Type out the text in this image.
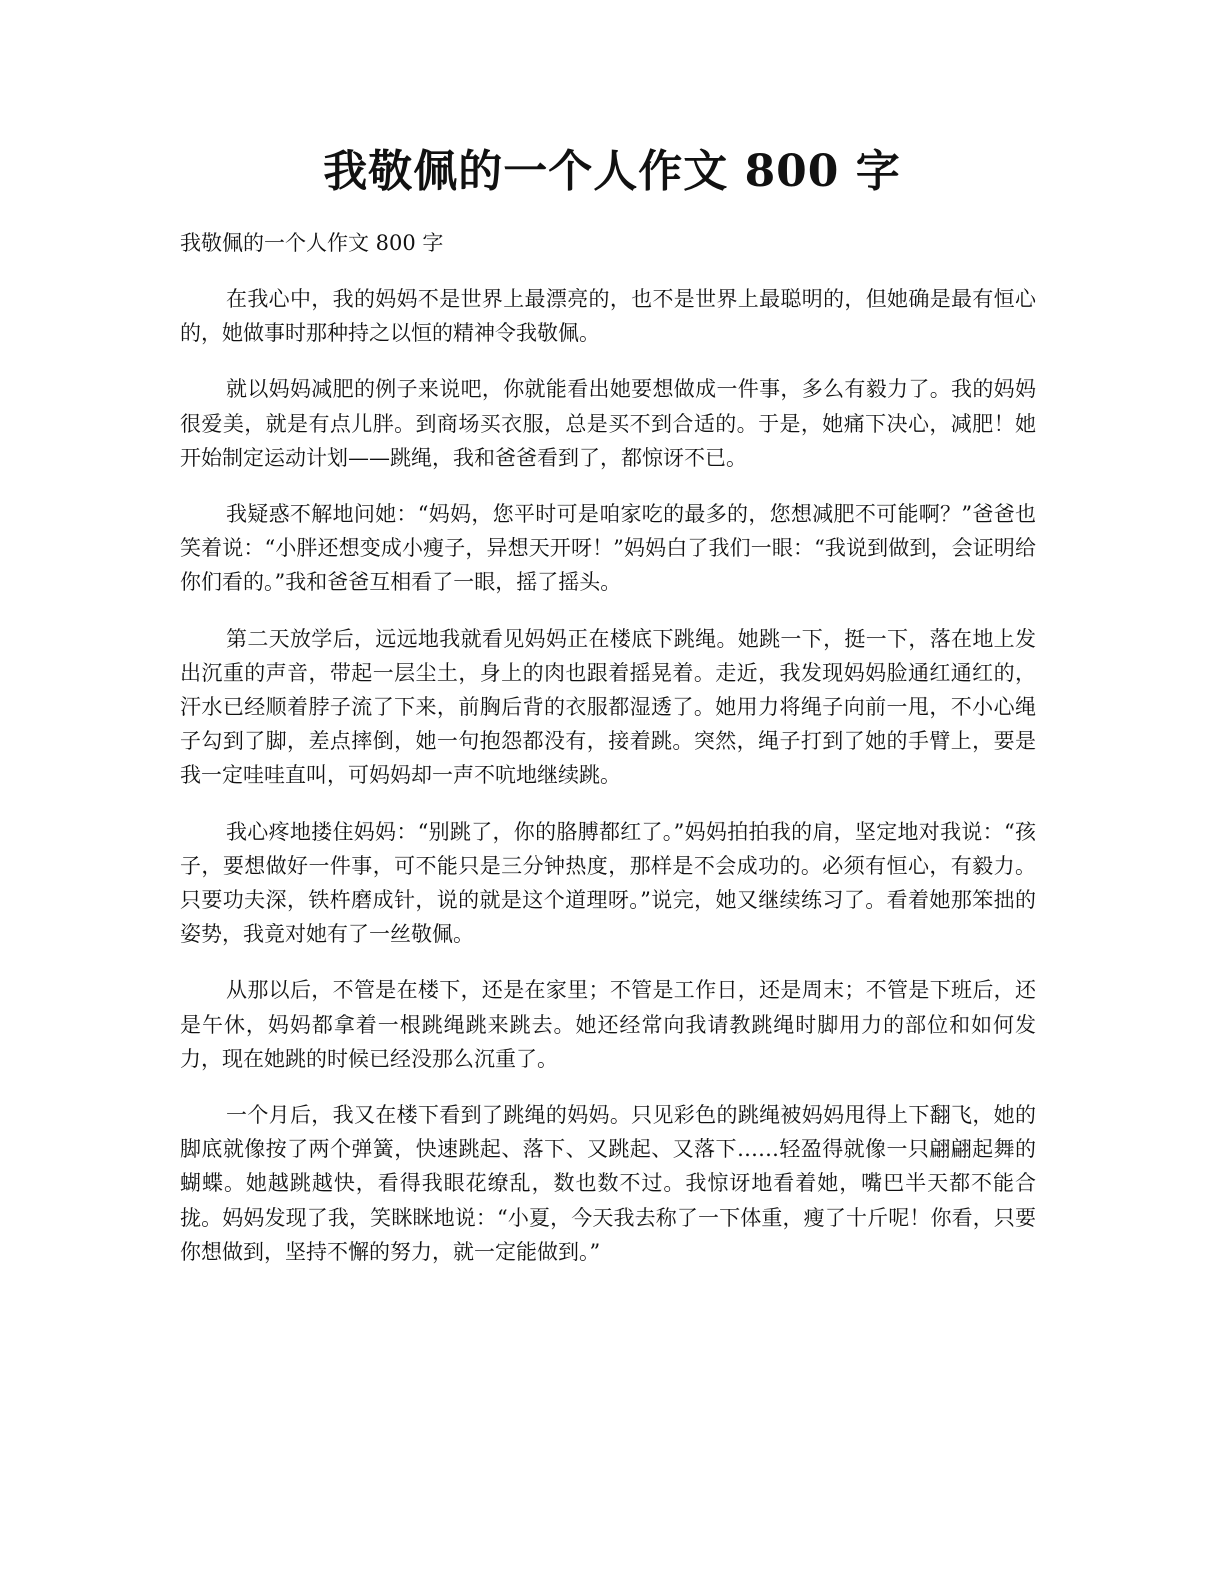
我敬佩的一个人作文 800 字

我敬佩的一个人作文 800 字

在我心中，我的妈妈不是世界上最漂亮的，也不是世界上最聪明的，但她确是最有恒心的，她做事时那种持之以恒的精神令我敬佩。

就以妈妈减肥的例子来说吧，你就能看出她要想做成一件事，多么有毅力了。我的妈妈很爱美，就是有点儿胖。到商场买衣服，总是买不到合适的。于是，她痛下决心，减肥！她开始制定运动计划——跳绳，我和爸爸看到了，都惊讶不已。

我疑惑不解地问她：“妈妈，您平时可是咱家吃的最多的，您想减肥不可能啊？”爸爸也笑着说：“小胖还想变成小瘦子，异想天开呀！”妈妈白了我们一眼：“我说到做到，会证明给你们看的。”我和爸爸互相看了一眼，摇了摇头。

第二天放学后，远远地我就看见妈妈正在楼底下跳绳。她跳一下，挺一下，落在地上发出沉重的声音，带起一层尘土，身上的肉也跟着摇晃着。走近，我发现妈妈脸通红通红的，汗水已经顺着脖子流了下来，前胸后背的衣服都湿透了。她用力将绳子向前一甩，不小心绳子勾到了脚，差点摔倒，她一句抱怨都没有，接着跳。突然，绳子打到了她的手臂上，要是我一定哇哇直叫，可妈妈却一声不吭地继续跳。

我心疼地搂住妈妈：“别跳了，你的胳膊都红了。”妈妈拍拍我的肩，坚定地对我说：“孩子，要想做好一件事，可不能只是三分钟热度，那样是不会成功的。必须有恒心，有毅力。只要功夫深，铁杵磨成针，说的就是这个道理呀。”说完，她又继续练习了。看着她那笨拙的姿势，我竟对她有了一丝敬佩。

从那以后，不管是在楼下，还是在家里；不管是工作日，还是周末；不管是下班后，还是午休，妈妈都拿着一根跳绳跳来跳去。她还经常向我请教跳绳时脚用力的部位和如何发力，现在她跳的时候已经没那么沉重了。

一个月后，我又在楼下看到了跳绳的妈妈。只见彩色的跳绳被妈妈甩得上下翻飞，她的脚底就像按了两个弹簧，快速跳起、落下、又跳起、又落下……轻盈得就像一只翩翩起舞的蝴蝶。她越跳越快，看得我眼花缭乱，数也数不过。我惊讶地看着她，嘴巴半天都不能合拢。妈妈发现了我，笑眯眯地说：“小夏，今天我去称了一下体重，瘦了十斤呢！你看，只要你想做到，坚持不懈的努力，就一定能做到。”
